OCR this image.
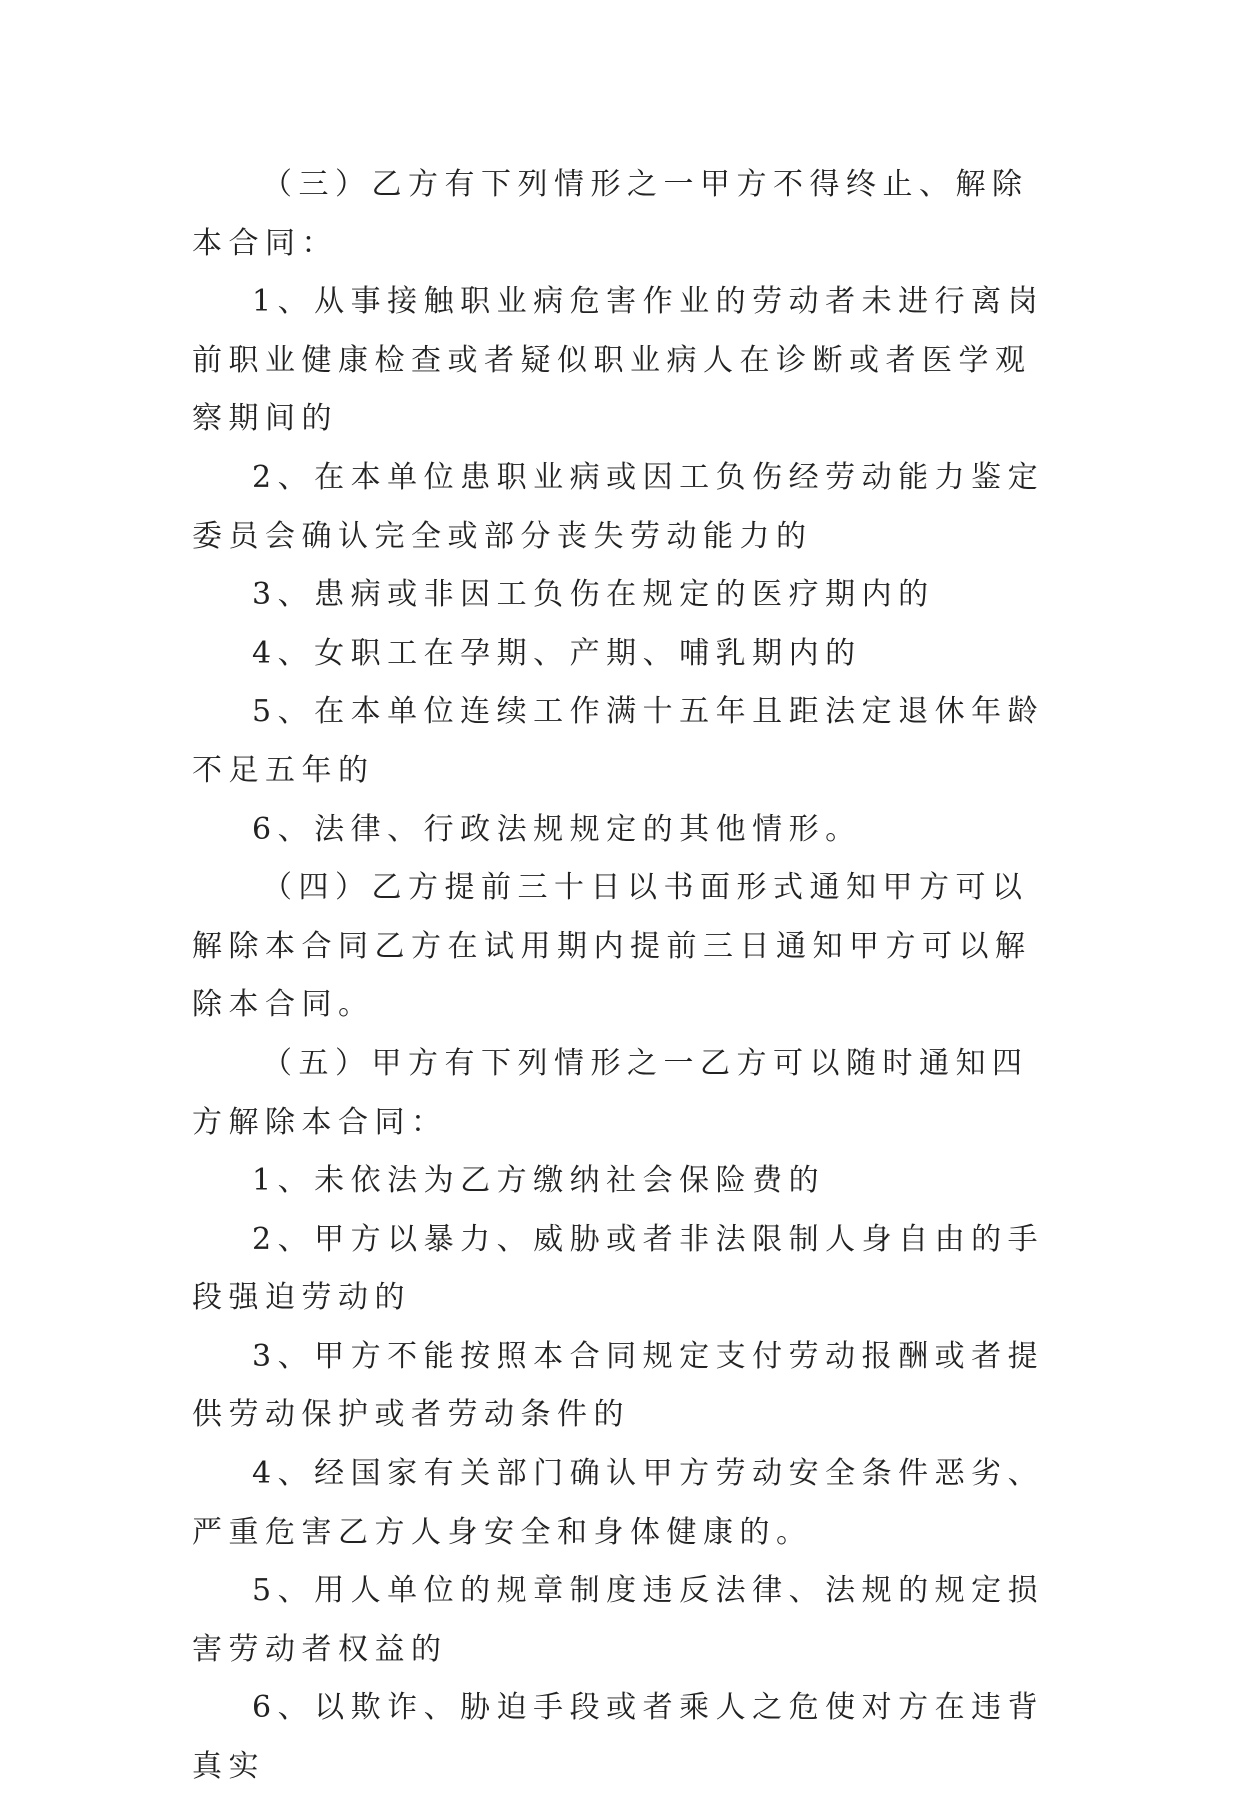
（三）乙方有下列情形之一甲方不得终止、解除本合同：

1、从事接触职业病危害作业的劳动者未进行离岗前职业健康检查或者疑似职业病人在诊断或者医学观察期间的

2、在本单位患职业病或因工负伤经劳动能力鉴定委员会确认完全或部分丧失劳动能力的

3、患病或非因工负伤在规定的医疗期内的

4、女职工在孕期、产期、哺乳期内的

5、在本单位连续工作满十五年且距法定退休年龄不足五年的

6、法律、行政法规规定的其他情形。

（四）乙方提前三十日以书面形式通知甲方可以解除本合同乙方在试用期内提前三日通知甲方可以解除本合同。

（五）甲方有下列情形之一乙方可以随时通知四方解除本合同：

1、未依法为乙方缴纳社会保险费的

2、甲方以暴力、威胁或者非法限制人身自由的手段强迫劳动的

3、甲方不能按照本合同规定支付劳动报酬或者提供劳动保护或者劳动条件的

4、经国家有关部门确认甲方劳动安全条件恶劣、严重危害乙方人身安全和身体健康的。

5、用人单位的规章制度违反法律、法规的规定损害劳动者权益的

6、以欺诈、胁迫手段或者乘人之危使对方在违背真实
